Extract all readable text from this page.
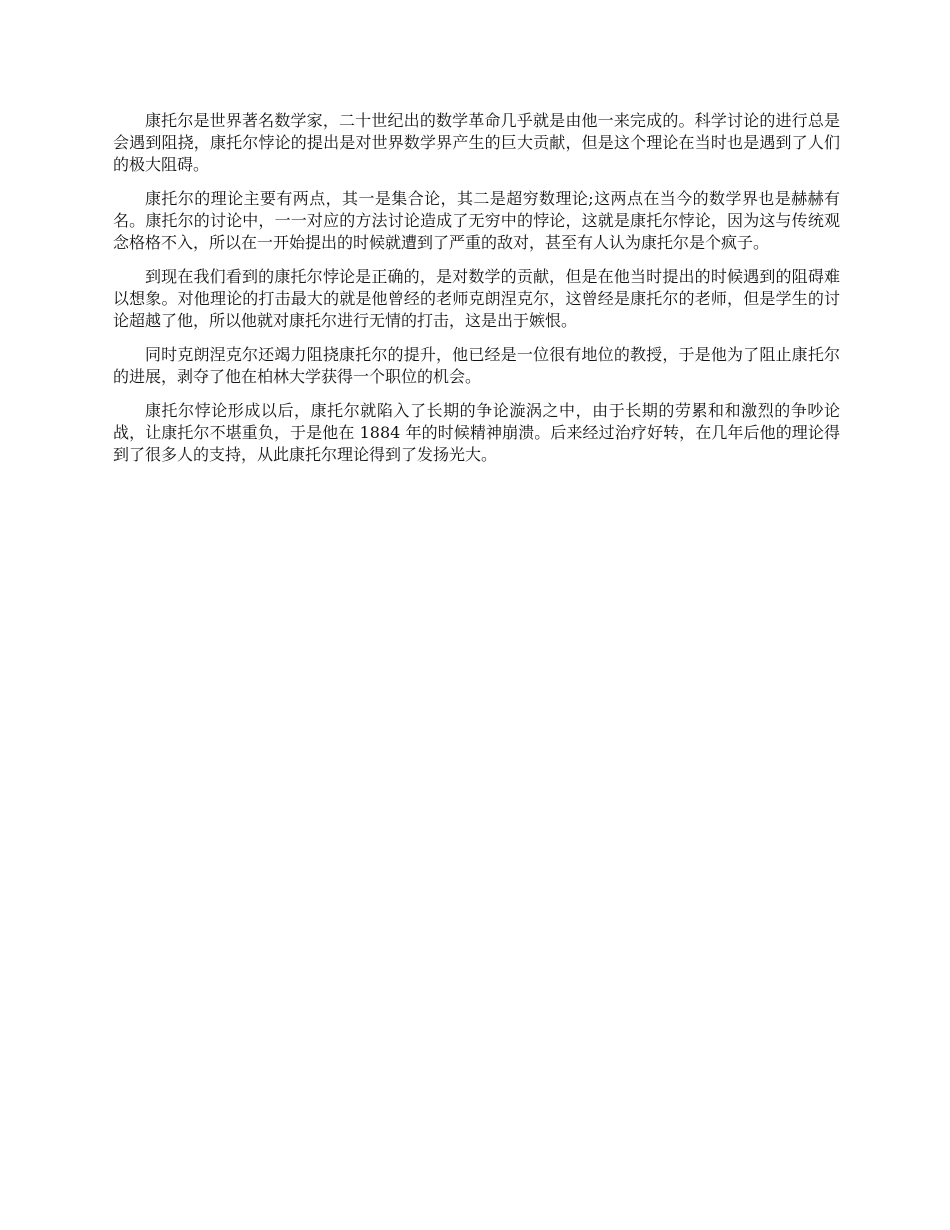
康托尔是世界著名数学家，二十世纪出的数学革命几乎就是由他一来完成的。科学讨论的进行总是会遇到阻挠，康托尔悖论的提出是对世界数学界产生的巨大贡献，但是这个理论在当时也是遇到了人们的极大阻碍。

康托尔的理论主要有两点，其一是集合论，其二是超穷数理论;这两点在当今的数学界也是赫赫有名。康托尔的讨论中，一一对应的方法讨论造成了无穷中的悖论，这就是康托尔悖论，因为这与传统观念格格不入，所以在一开始提出的时候就遭到了严重的敌对，甚至有人认为康托尔是个疯子。

到现在我们看到的康托尔悖论是正确的，是对数学的贡献，但是在他当时提出的时候遇到的阻碍难以想象。对他理论的打击最大的就是他曾经的老师克朗涅克尔，这曾经是康托尔的老师，但是学生的讨论超越了他，所以他就对康托尔进行无情的打击，这是出于嫉恨。

同时克朗涅克尔还竭力阻挠康托尔的提升，他已经是一位很有地位的教授，于是他为了阻止康托尔的进展，剥夺了他在柏林大学获得一个职位的机会。

康托尔悖论形成以后，康托尔就陷入了长期的争论漩涡之中，由于长期的劳累和和激烈的争吵论战，让康托尔不堪重负，于是他在 1884 年的时候精神崩溃。后来经过治疗好转，在几年后他的理论得到了很多人的支持，从此康托尔理论得到了发扬光大。
